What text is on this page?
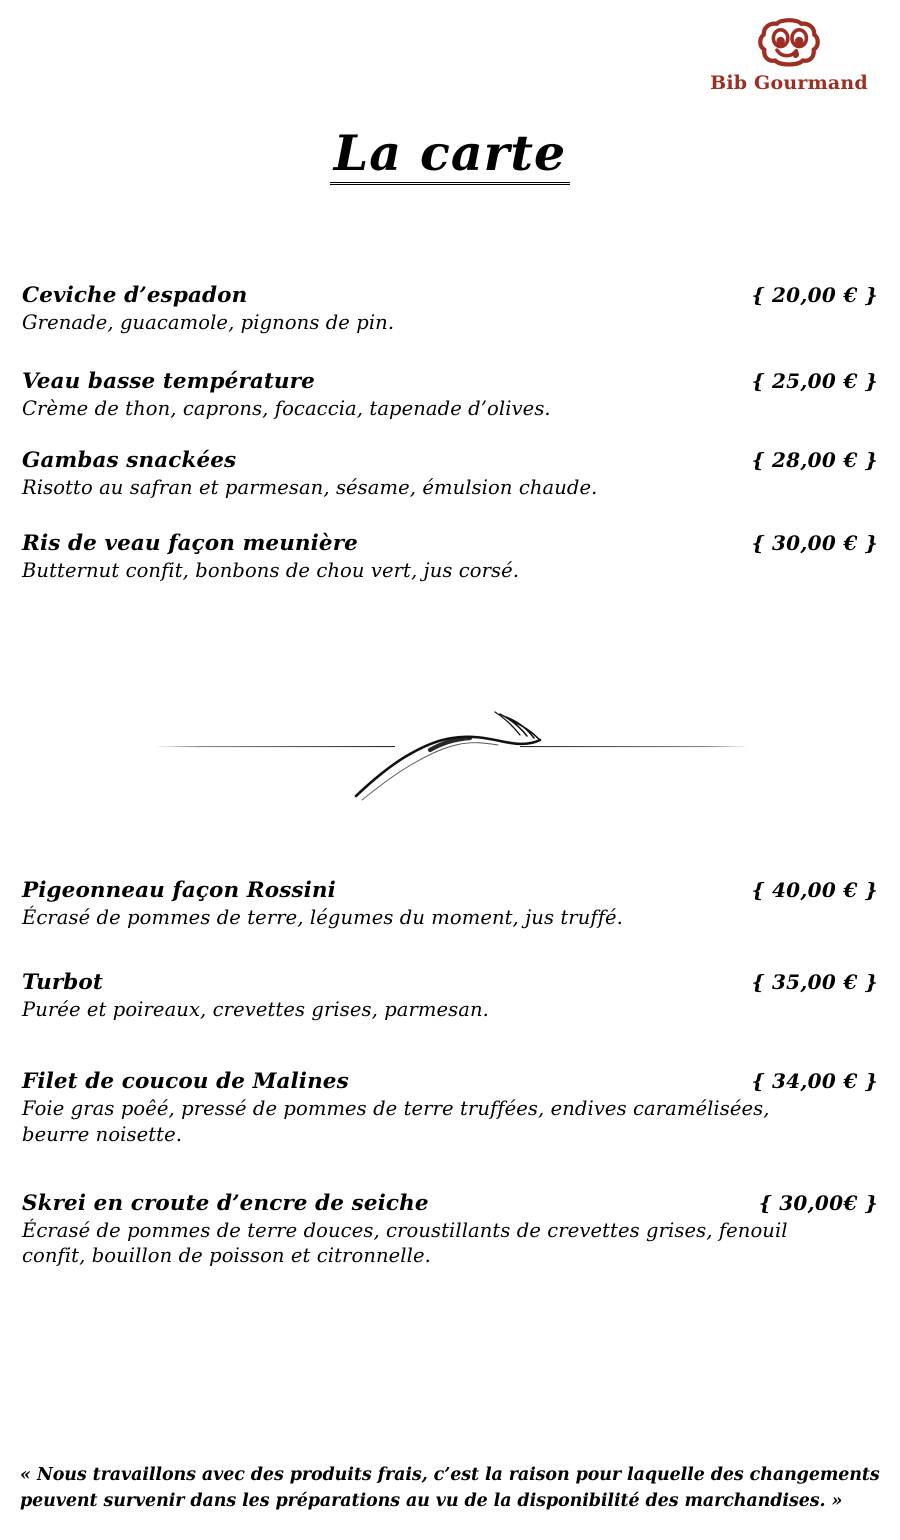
Bib Gourmand
La carte
Ceviche d’espadon	{ 20,00 € }
Grenade, guacamole, pignons de pin.
Veau basse température	{ 25,00 € }
Crème de thon, caprons, focaccia, tapenade d’olives.
Gambas snackées	{ 28,00 € }
Risotto au safran et parmesan, sésame, émulsion chaude.
Ris de veau façon meunière	{ 30,00 € }
Butternut confit, bonbons de chou vert, jus corsé.
Pigeonneau façon Rossini	{ 40,00 € }
Écrasé de pommes de terre, légumes du moment, jus truffé.
Turbot	{ 35,00 € }
Purée et poireaux, crevettes grises, parmesan.
Filet de coucou de Malines	{ 34,00 € }
Foie gras poêé, pressé de pommes de terre truffées, endives caramélisées,
beurre noisette.
Skrei en croute d’encre de seiche	{ 30,00€ }
Écrasé de pommes de terre douces, croustillants de crevettes grises, fenouil
confit, bouillon de poisson et citronnelle.
« Nous travaillons avec des produits frais, c’est la raison pour laquelle des changements
peuvent survenir dans les préparations au vu de la disponibilité des marchandises. »
